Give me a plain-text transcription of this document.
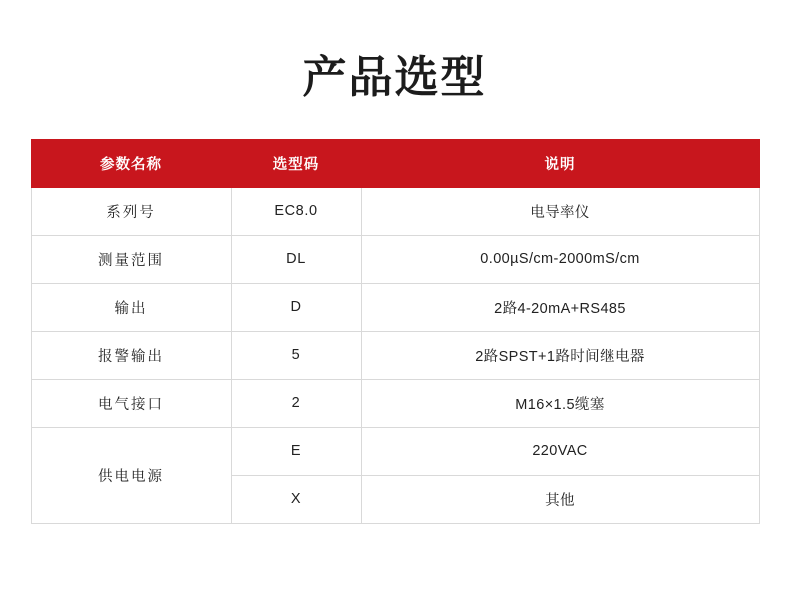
产品选型
参数名称	选型码	说明
系列号	EC8.0	电导率仪
测量范围	DL	0.00µS/cm-2000mS/cm
输出	D	2路4-20mA+RS485
报警输出	5	2路SPST+1路时间继电器
电气接口	2	M16×1.5缆塞
供电电源	E	220VAC
	X	其他
